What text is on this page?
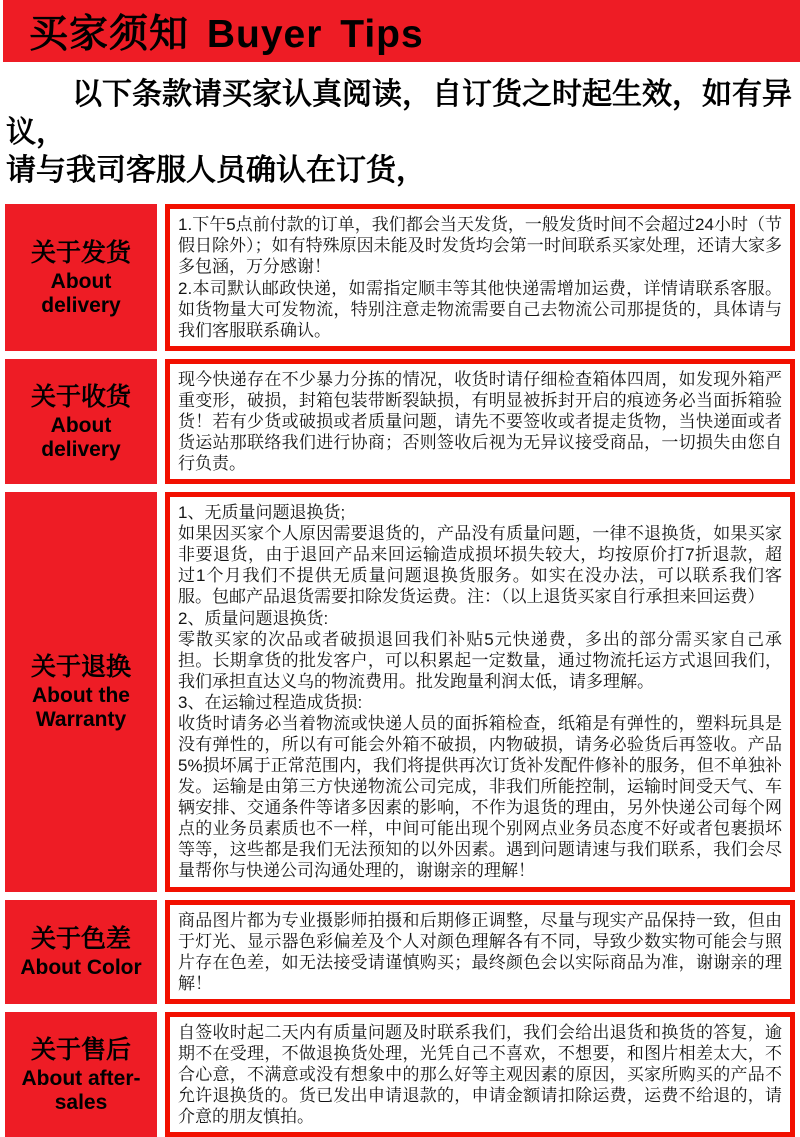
买家须知 Buyer Tips
以下条款请买家认真阅读，自订货之时起生效，如有异议，
请与我司客服人员确认在订货，
关于发货
About delivery

1.下午5点前付款的订单，我们都会当天发货，一般发货时间不会超过24小时（节假日除外）；如有特殊原因未能及时发货均会第一时间联系买家处理，还请大家多多包涵，万分感谢！

2.本司默认邮政快递，如需指定顺丰等其他快递需增加运费，详情请联系客服。如货物量大可发物流，特别注意走物流需要自己去物流公司那提货的，具体请与我们客服联系确认。

关于收货
About delivery

现今快递存在不少暴力分拣的情况，收货时请仔细检查箱体四周，如发现外箱严重变形，破损，封箱包装带断裂缺损，有明显被拆封开启的痕迹务必当面拆箱验货！若有少货或破损或者质量问题，请先不要签收或者提走货物，当快递面或者货运站那联络我们进行协商；否则签收后视为无异议接受商品，一切损失由您自行负责。

关于退换
About the Warranty

1、无质量问题退换货;

如果因买家个人原因需要退货的，产品没有质量问题，一律不退换货，如果买家非要退货，由于退回产品来回运输造成损坏损失较大，均按原价打7折退款，超过1个月我们不提供无质量问题退换货服务。如实在没办法，可以联系我们客服。包邮产品退货需要扣除发货运费。注：（以上退货买家自行承担来回运费）

2、质量问题退换货:

零散买家的次品或者破损退回我们补贴5元快递费，多出的部分需买家自己承担。长期拿货的批发客户，可以积累起一定数量，通过物流托运方式退回我们，我们承担直达义乌的物流费用。批发跑量利润太低，请多理解。

3、在运输过程造成货损:

收货时请务必当着物流或快递人员的面拆箱检查，纸箱是有弹性的，塑料玩具是没有弹性的，所以有可能会外箱不破损，内物破损，请务必验货后再签收。产品5%损坏属于正常范围内，我们将提供再次订货补发配件修补的服务，但不单独补发。运输是由第三方快递物流公司完成，非我们所能控制，运输时间受天气、车辆安排、交通条件等诸多因素的影响，不作为退货的理由，另外快递公司每个网点的业务员素质也不一样，中间可能出现个别网点业务员态度不好或者包裹损坏等等，这些都是我们无法预知的以外因素。遇到问题请速与我们联系，我们会尽量帮你与快递公司沟通处理的，谢谢亲的理解！

关于色差
About Color

商品图片都为专业摄影师拍摄和后期修正调整，尽量与现实产品保持一致，但由于灯光、显示器色彩偏差及个人对颜色理解各有不同，导致少数实物可能会与照片存在色差，如无法接受请谨慎购买；最终颜色会以实际商品为准，谢谢亲的理解！

关于售后
About after-sales

自签收时起二天内有质量问题及时联系我们，我们会给出退货和换货的答复，逾期不在受理，不做退换货处理，光凭自己不喜欢，不想要，和图片相差太大，不合心意，不满意或没有想象中的那么好等主观因素的原因，买家所购买的产品不允许退换货的。货已发出申请退款的，申请金额请扣除运费，运费不给退的，请介意的朋友慎拍。
